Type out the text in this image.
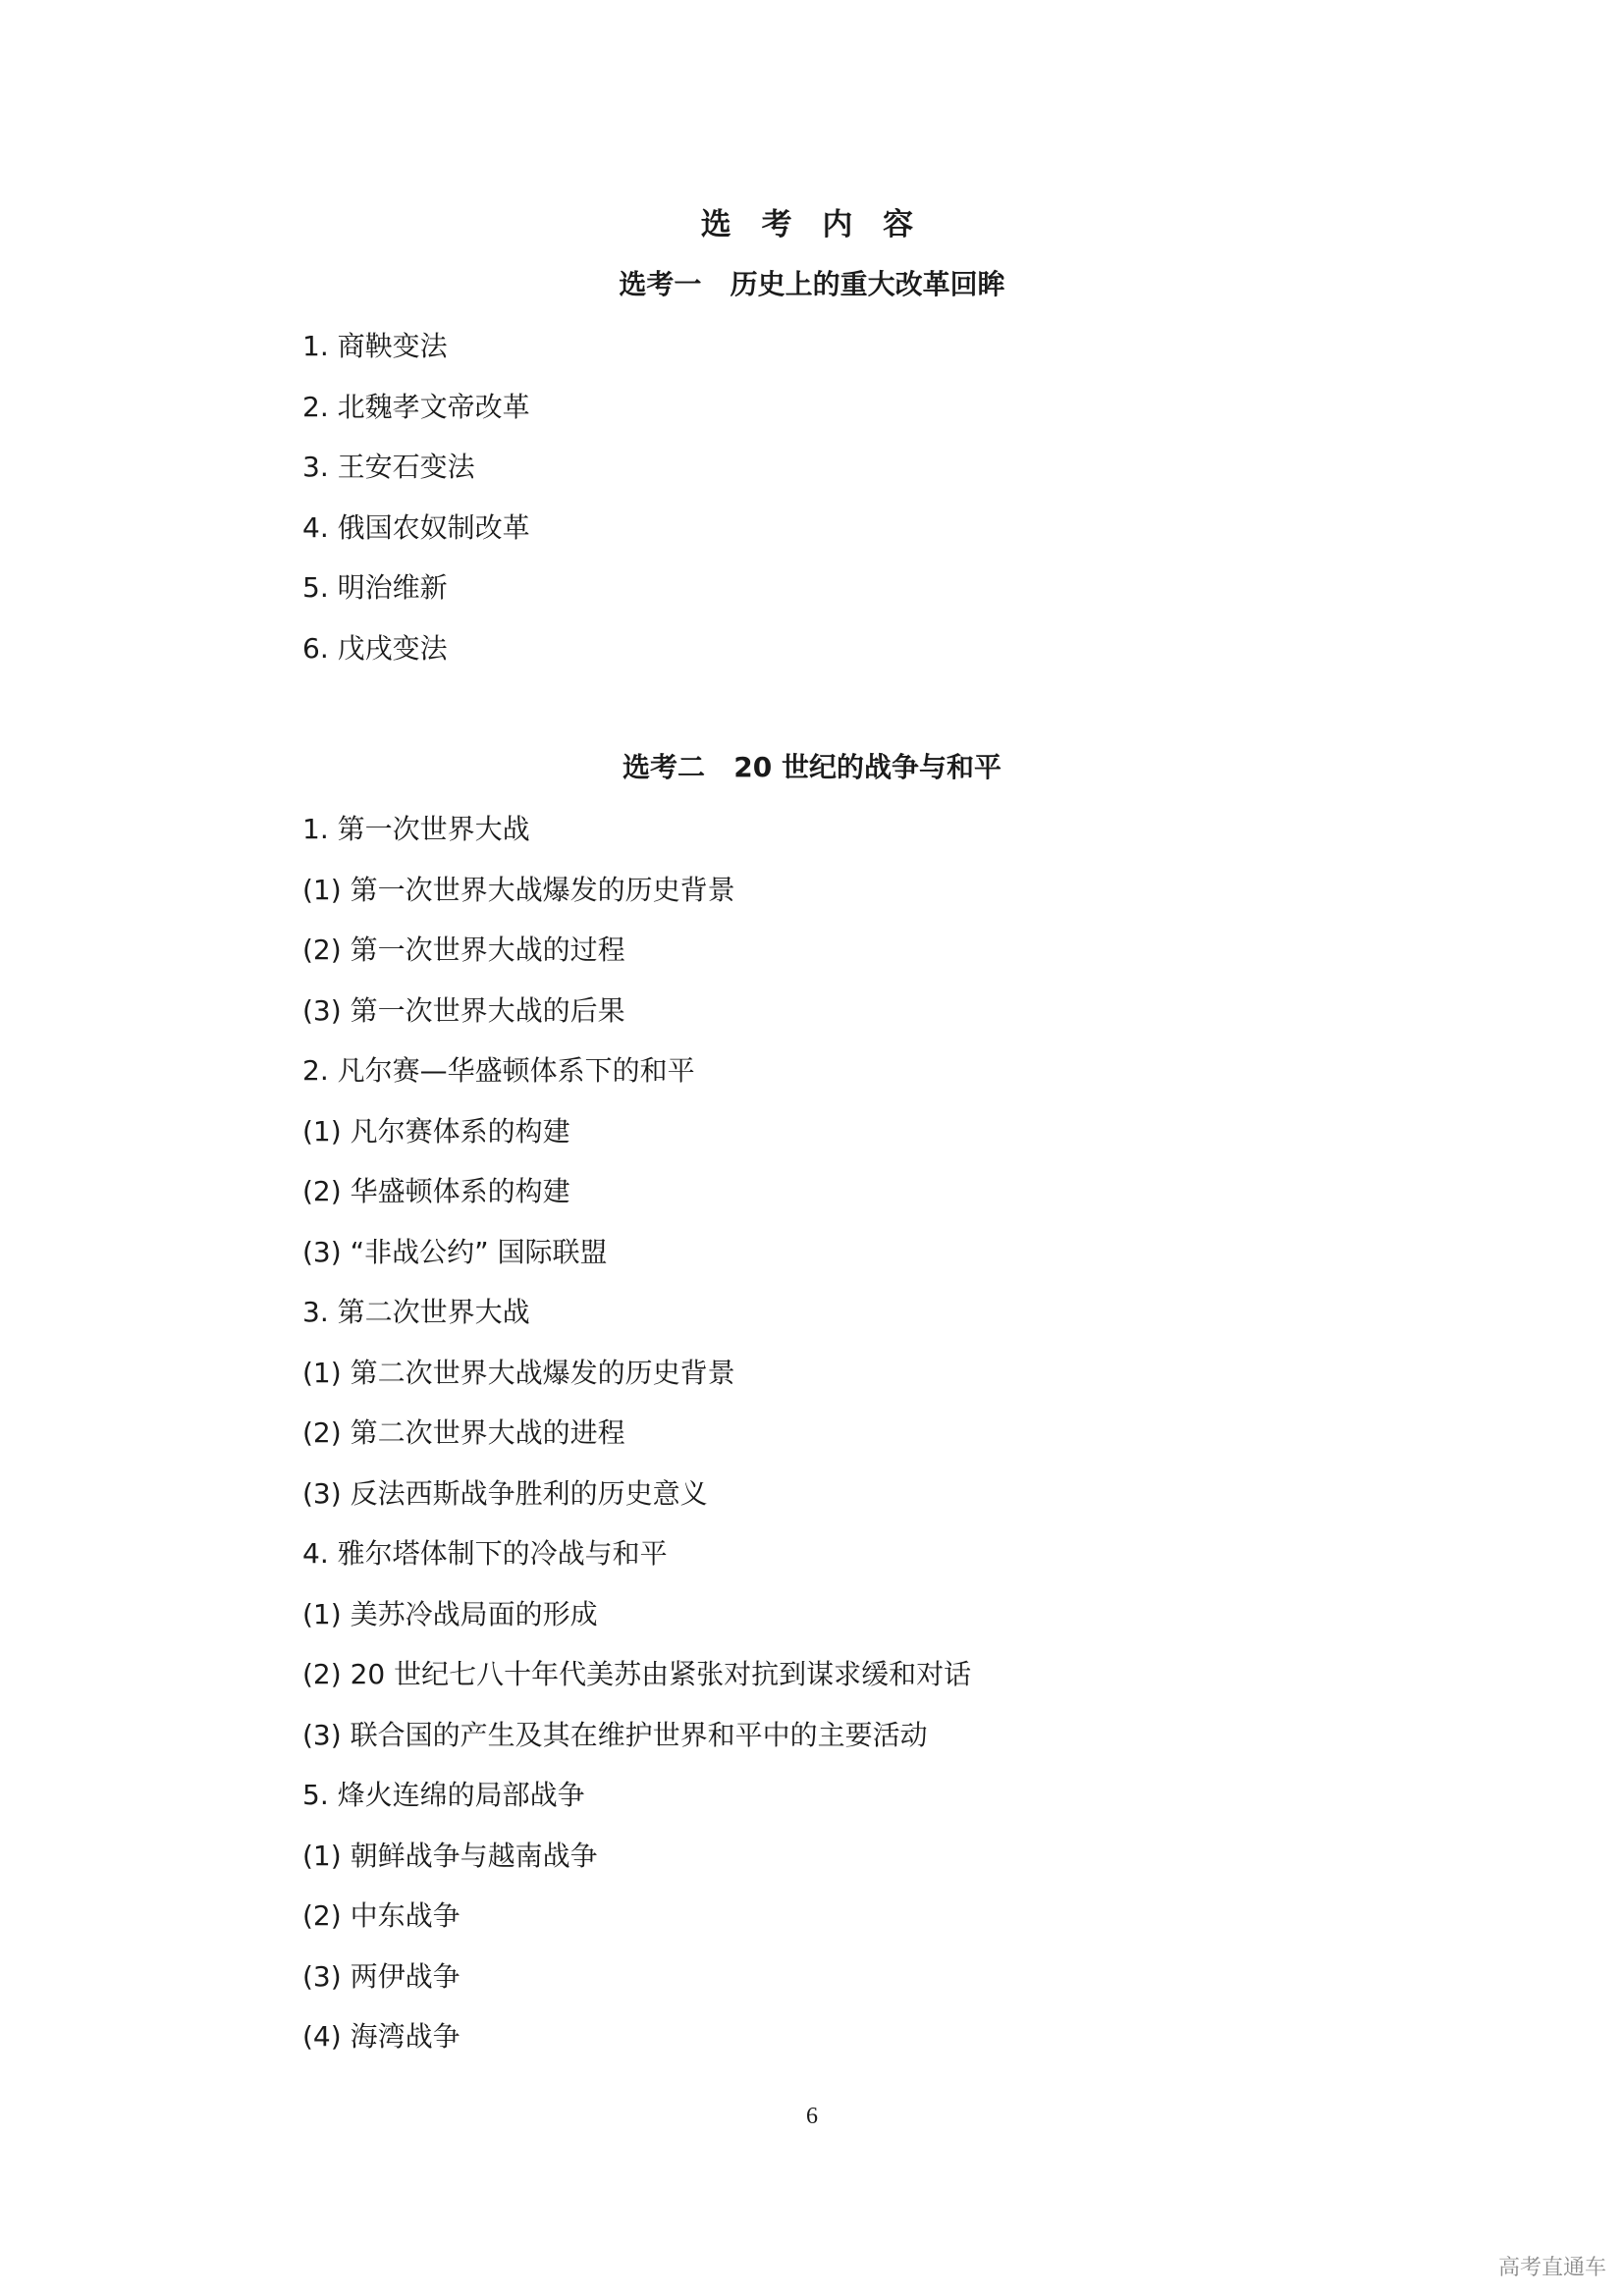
选 考 内 容
选考一   历史上的重大改革回眸
1. 商鞅变法
2. 北魏孝文帝改革
3. 王安石变法
4. 俄国农奴制改革
5. 明治维新
6. 戊戌变法
选考二   20 世纪的战争与和平
1. 第一次世界大战
(1) 第一次世界大战爆发的历史背景
(2) 第一次世界大战的过程
(3) 第一次世界大战的后果
2. 凡尔赛—华盛顿体系下的和平
(1) 凡尔赛体系的构建
(2) 华盛顿体系的构建
(3) “非战公约” 国际联盟
3. 第二次世界大战
(1) 第二次世界大战爆发的历史背景
(2) 第二次世界大战的进程
(3) 反法西斯战争胜利的历史意义
4. 雅尔塔体制下的冷战与和平
(1) 美苏冷战局面的形成
(2) 20 世纪七八十年代美苏由紧张对抗到谋求缓和对话
(3) 联合国的产生及其在维护世界和平中的主要活动
5. 烽火连绵的局部战争
(1) 朝鲜战争与越南战争
(2) 中东战争
(3) 两伊战争
(4) 海湾战争
6
高考直通车
